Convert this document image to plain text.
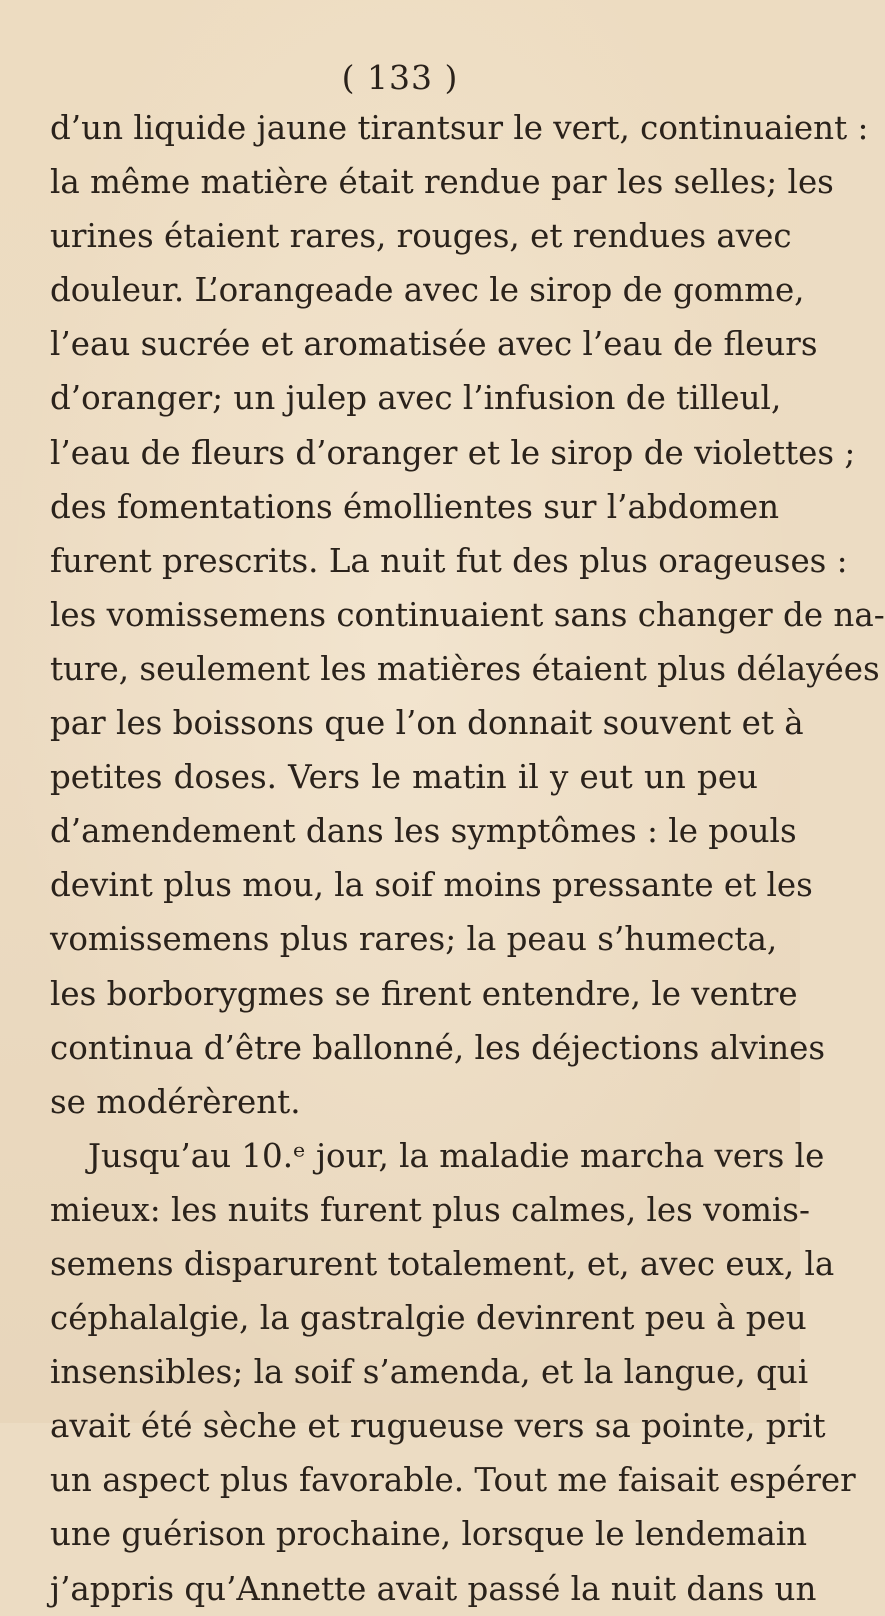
( 133 )
d’un liquide jaune tirantsur le vert, continuaient :
la même matière était rendue par les selles; les
urines étaient rares, rouges, et rendues avec
douleur. L’orangeade avec le sirop de gomme,
l’eau sucrée et aromatisée avec l’eau de fleurs
d’oranger; un julep avec l’infusion de tilleul,
l’eau de fleurs d’oranger et le sirop de violettes ;
des fomentations émollientes sur l’abdomen
furent prescrits. La nuit fut des plus orageuses :
les vomissemens continuaient sans changer de na-
ture, seulement les matières étaient plus délayées
par les boissons que l’on donnait souvent et à
petites doses. Vers le matin il y eut un peu
d’amendement dans les symptômes : le pouls
devint plus mou, la soif moins pressante et les
vomissemens plus rares; la peau s’humecta,
les borborygmes se firent entendre, le ventre
continua d’être ballonné, les déjections alvines
se modérèrent.
Jusqu’au 10.ᵉ jour, la maladie marcha vers le
mieux: les nuits furent plus calmes, les vomis-
semens disparurent totalement, et, avec eux, la
céphalalgie, la gastralgie devinrent peu à peu
insensibles; la soif s’amenda, et la langue, qui
avait été sèche et rugueuse vers sa pointe, prit
un aspect plus favorable. Tout me faisait espérer
une guérison prochaine, lorsque le lendemain
j’appris qu’Annette avait passé la nuit dans un
